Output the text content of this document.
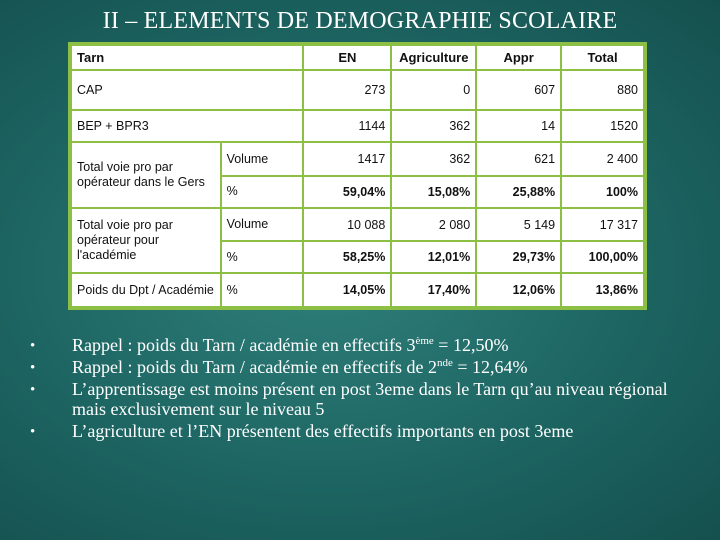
II – ELEMENTS DE DEMOGRAPHIE SCOLAIRE
Tarn		EN	Agriculture	Appr	Total
CAP		273	0	607	880
BEP + BPR3		1144	362	14	1520
Total voie pro par opérateur dans le Gers	Volume	1417	362	621	2 400
	%	59,04%	15,08%	25,88%	100%
Total voie pro par opérateur pour l'académie	Volume	10 088	2 080	5 149	17 317
	%	58,25%	12,01%	29,73%	100,00%
Poids du Dpt / Académie	%	14,05%	17,40%	12,06%	13,86%
• Rappel : poids du Tarn / académie en effectifs 3ème = 12,50%
• Rappel : poids du Tarn / académie en effectifs de 2nde = 12,64%
• L’apprentissage est moins présent en post 3eme dans le Tarn qu’au niveau régional mais exclusivement sur le niveau 5
• L’agriculture et l’EN présentent des effectifs importants en post 3eme
